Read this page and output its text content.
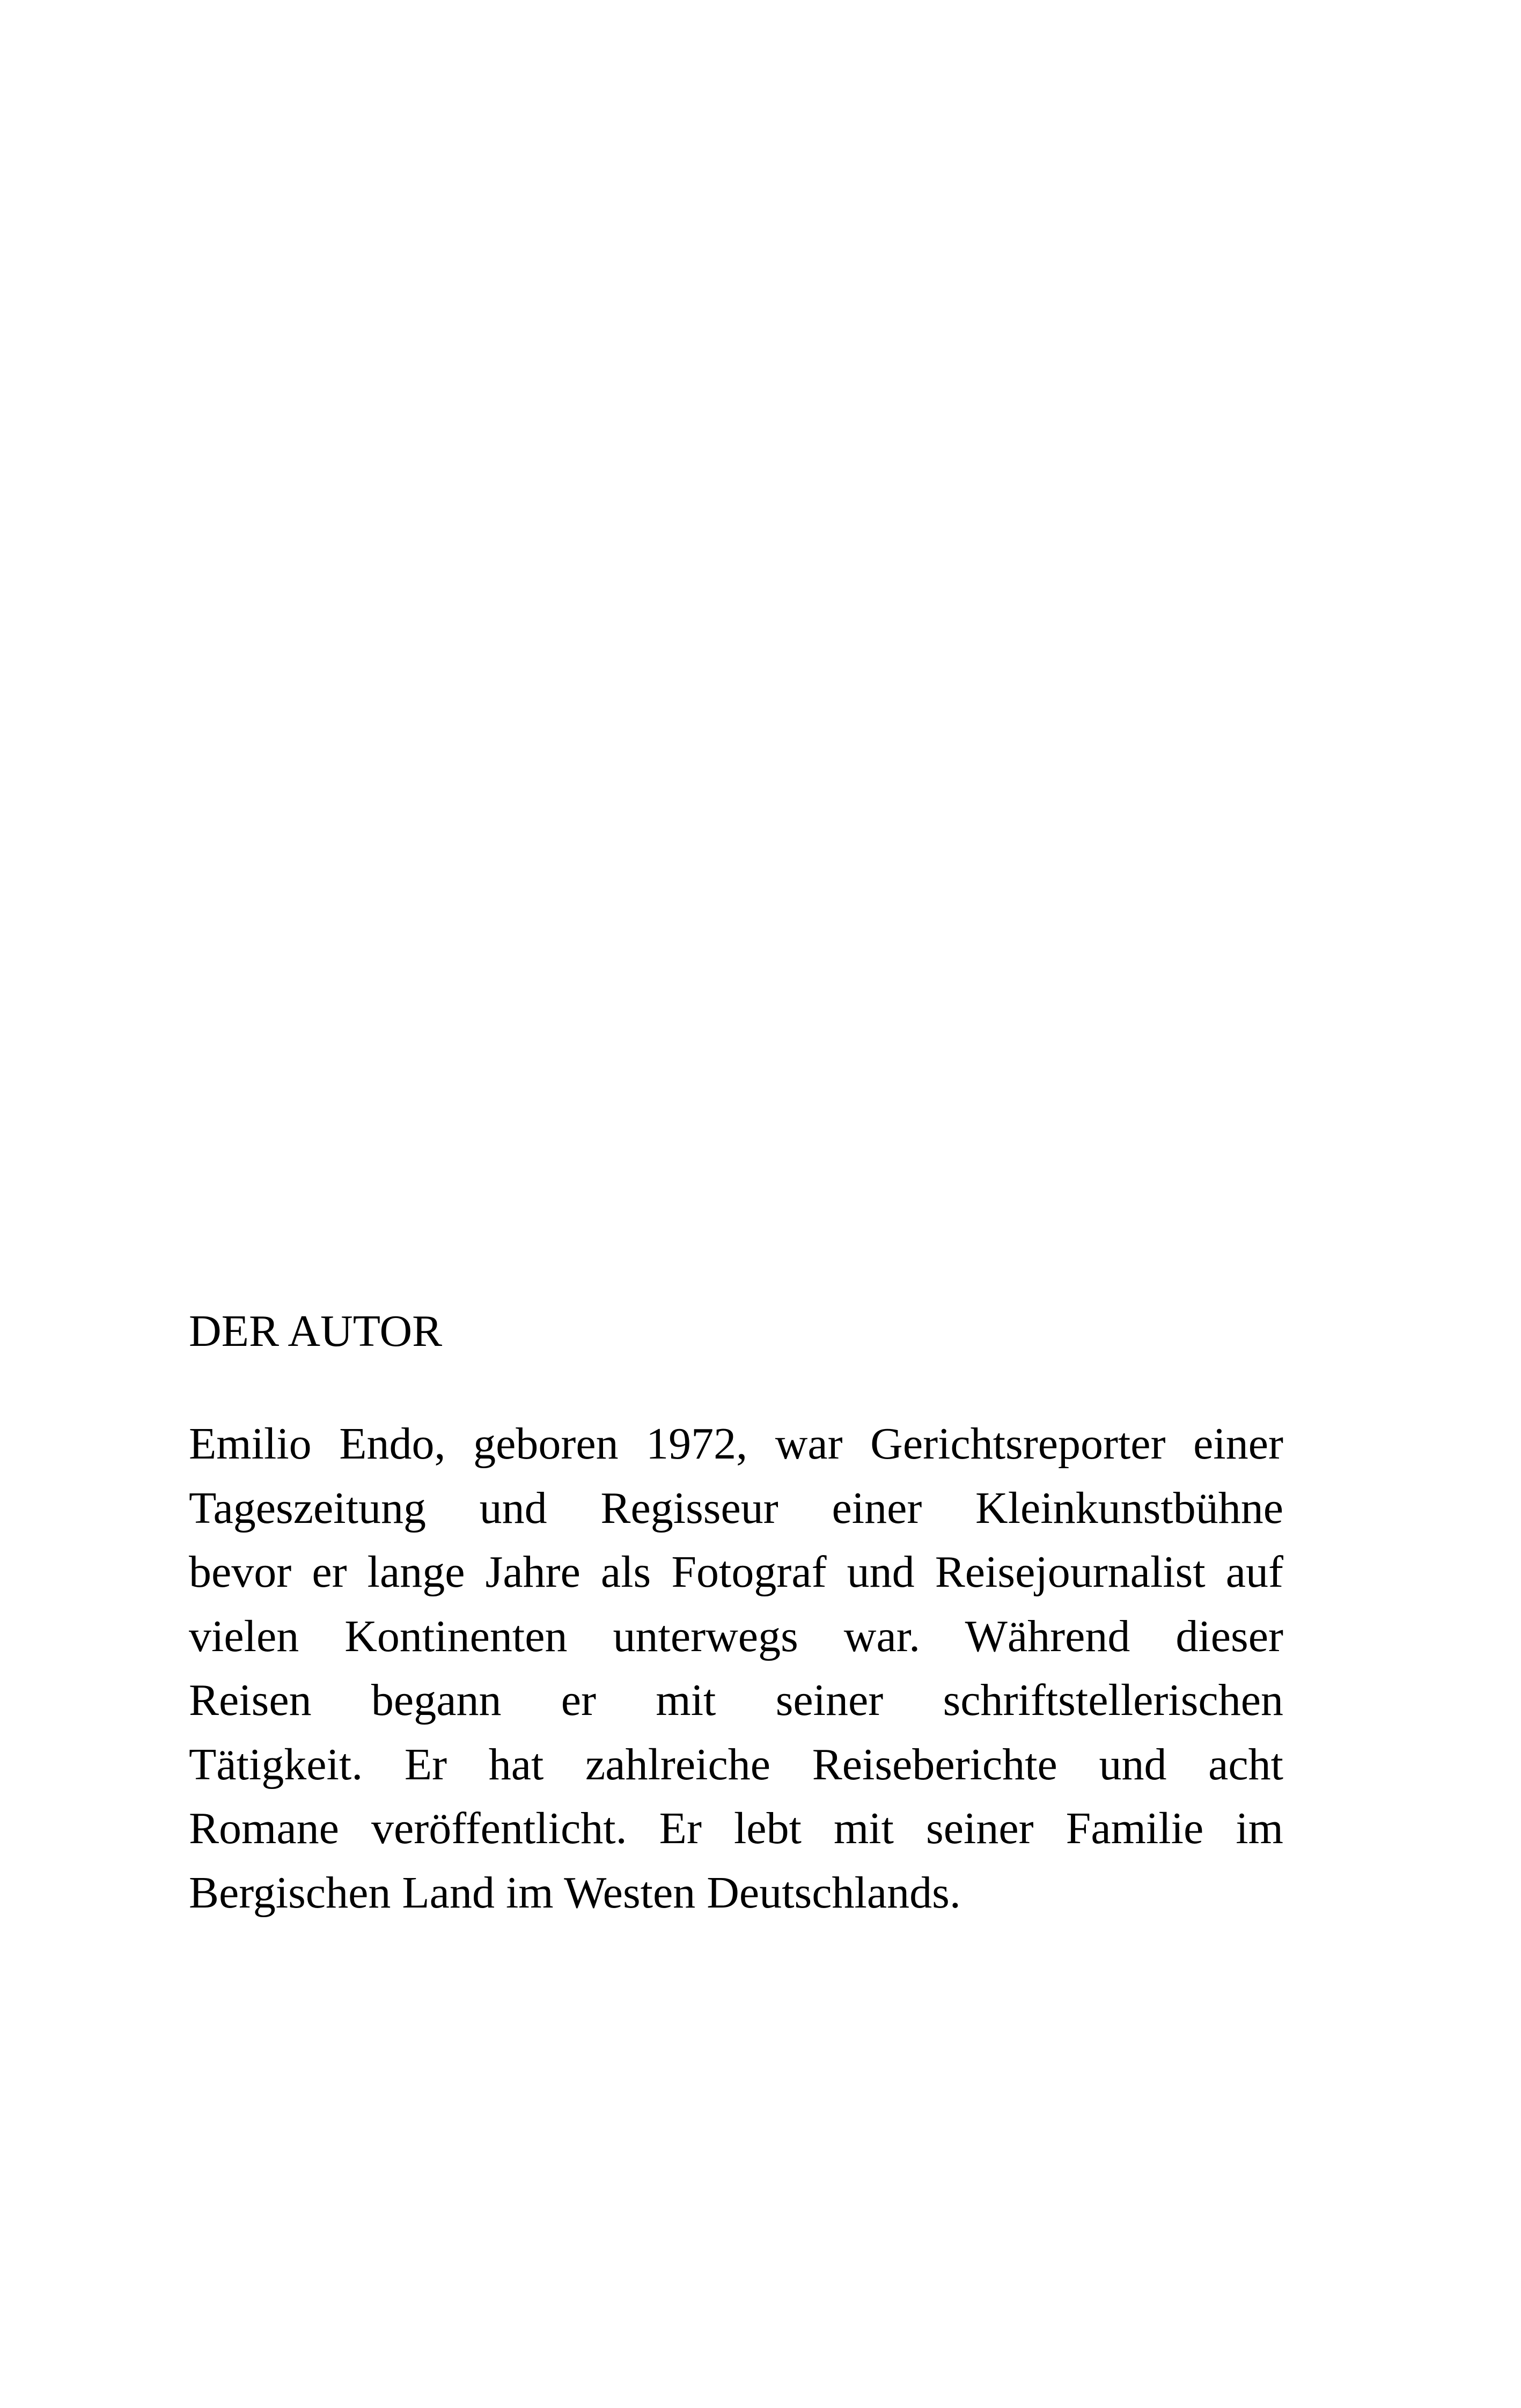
DER AUTOR
Emilio Endo, geboren 1972, war Gerichtsreporter einer
Tageszeitung und Regisseur einer Kleinkunstbühne
bevor er lange Jahre als Fotograf und Reisejournalist auf
vielen Kontinenten unterwegs war. Während dieser
Reisen begann er mit seiner schriftstellerischen
Tätigkeit. Er hat zahlreiche Reiseberichte und acht
Romane veröffentlicht. Er lebt mit seiner Familie im
Bergischen Land im Westen Deutschlands.
